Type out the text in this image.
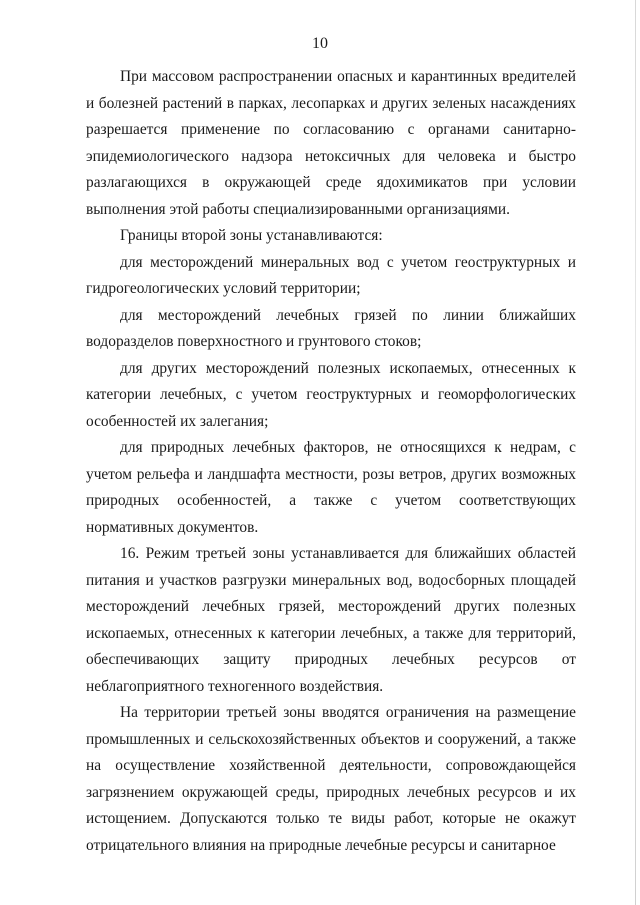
10

При массовом распространении опасных и карантинных вредителей и болезней растений в парках, лесопарках и других зеленых насаждениях разрешается применение по согласованию с органами санитарно-эпидемиологического надзора нетоксичных для человека и быстро разлагающихся в окружающей среде ядохимикатов при условии выполнения этой работы специализированными организациями.

Границы второй зоны устанавливаются:

для месторождений минеральных вод с учетом геоструктурных и гидрогеологических условий территории;

для месторождений лечебных грязей по линии ближайших водоразделов поверхностного и грунтового стоков;

для других месторождений полезных ископаемых, отнесенных к категории лечебных, с учетом геоструктурных и геоморфологических особенностей их залегания;

для природных лечебных факторов, не относящихся к недрам, с учетом рельефа и ландшафта местности, розы ветров, других возможных природных особенностей, а также с учетом соответствующих нормативных документов.

16. Режим третьей зоны устанавливается для ближайших областей питания и участков разгрузки минеральных вод, водосборных площадей месторождений лечебных грязей, месторождений других полезных ископаемых, отнесенных к категории лечебных, а также для территорий, обеспечивающих защиту природных лечебных ресурсов от неблагоприятного техногенного воздействия.

На территории третьей зоны вводятся ограничения на размещение промышленных и сельскохозяйственных объектов и сооружений, а также на осуществление хозяйственной деятельности, сопровождающейся загрязнением окружающей среды, природных лечебных ресурсов и их истощением. Допускаются только те виды работ, которые не окажут отрицательного влияния на природные лечебные ресурсы и санитарное
